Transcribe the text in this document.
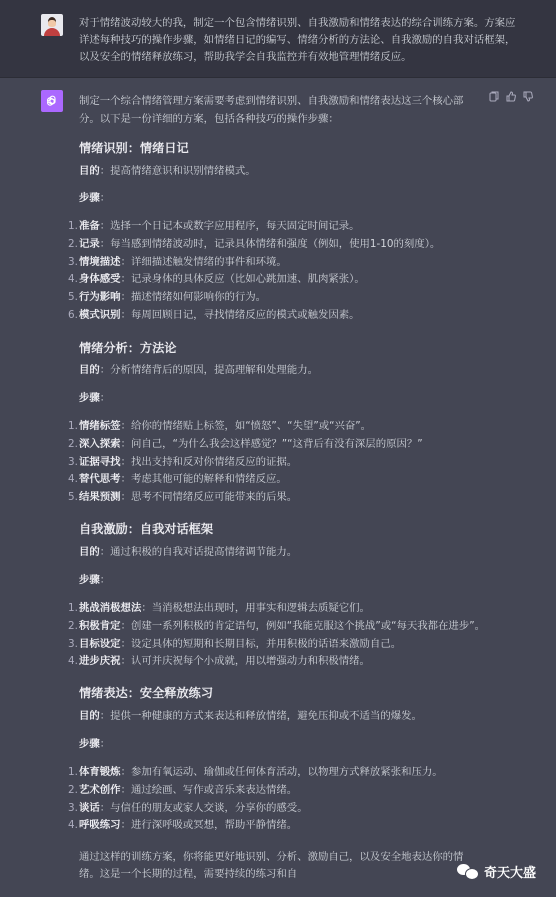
对于情绪波动较大的我，制定一个包含情绪识别、自我激励和情绪表达的综合训练方案。方案应详述每种技巧的操作步骤，如情绪日记的编写、情绪分析的方法论、自我激励的自我对话框架，以及安全的情绪释放练习，帮助我学会自我监控并有效地管理情绪反应。

制定一个综合情绪管理方案需要考虑到情绪识别、自我激励和情绪表达这三个核心部分。以下是一份详细的方案，包括各种技巧的操作步骤：

情绪识别：情绪日记
目的：提高情绪意识和识别情绪模式。
步骤：
1.准备：选择一个日记本或数字应用程序，每天固定时间记录。
2.记录：每当感到情绪波动时，记录具体情绪和强度（例如，使用1-10的刻度）。
3.情境描述：详细描述触发情绪的事件和环境。
4.身体感受：记录身体的具体反应（比如心跳加速、肌肉紧张）。
5.行为影响：描述情绪如何影响你的行为。
6.模式识别：每周回顾日记，寻找情绪反应的模式或触发因素。
情绪分析：方法论
目的：分析情绪背后的原因，提高理解和处理能力。
步骤：
1.情绪标签：给你的情绪贴上标签，如“愤怒”、“失望”或“兴奋”。
2.深入探索：问自己，“为什么我会这样感觉？”“这背后有没有深层的原因？”
3.证据寻找：找出支持和反对你情绪反应的证据。
4.替代思考：考虑其他可能的解释和情绪反应。
5.结果预测：思考不同情绪反应可能带来的后果。
自我激励：自我对话框架
目的：通过积极的自我对话提高情绪调节能力。
步骤：
1.挑战消极想法：当消极想法出现时，用事实和逻辑去质疑它们。
2.积极肯定：创建一系列积极的肯定语句，例如“我能克服这个挑战”或“每天我都在进步”。
3.目标设定：设定具体的短期和长期目标，并用积极的话语来激励自己。
4.进步庆祝：认可并庆祝每个小成就，用以增强动力和积极情绪。
情绪表达：安全释放练习
目的：提供一种健康的方式来表达和释放情绪，避免压抑或不适当的爆发。
步骤：
1.体育锻炼：参加有氧运动、瑜伽或任何体育活动，以物理方式释放紧张和压力。
2.艺术创作：通过绘画、写作或音乐来表达情绪。
3.谈话：与信任的朋友或家人交谈，分享你的感受。
4.呼吸练习：进行深呼吸或冥想，帮助平静情绪。
通过这样的训练方案，你将能更好地识别、分析、激励自己，以及安全地表达你的情绪。这是一个长期的过程，需要持续的练习和自	奇天大盛
